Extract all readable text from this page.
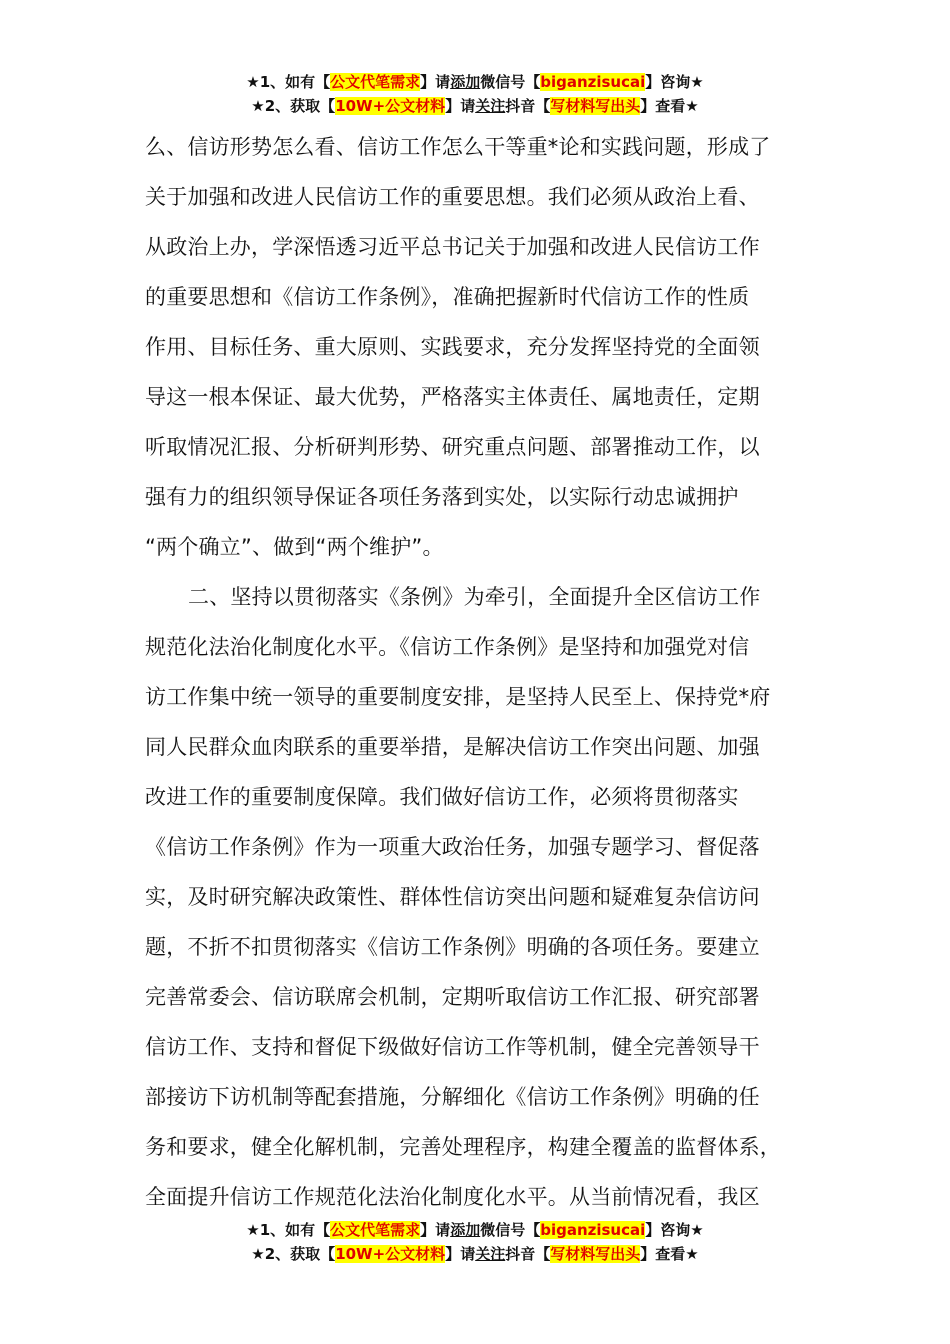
★1、如有【公文代笔需求】请添加微信号【biganzisucai】咨询★
★2、获取【10W+公文材料】请关注抖音【写材料写出头】查看★
么、信访形势怎么看、信访工作怎么干等重*论和实践问题，形成了
关于加强和改进人民信访工作的重要思想。我们必须从政治上看、
从政治上办，学深悟透习近平总书记关于加强和改进人民信访工作
的重要思想和《信访工作条例》，准确把握新时代信访工作的性质
作用、目标任务、重大原则、实践要求，充分发挥坚持党的全面领
导这一根本保证、最大优势，严格落实主体责任、属地责任，定期
听取情况汇报、分析研判形势、研究重点问题、部署推动工作，以
强有力的组织领导保证各项任务落到实处，以实际行动忠诚拥护
“两个确立”、做到“两个维护”。
二、坚持以贯彻落实《条例》为牵引，全面提升全区信访工作
规范化法治化制度化水平。《信访工作条例》是坚持和加强党对信
访工作集中统一领导的重要制度安排，是坚持人民至上、保持党*府
同人民群众血肉联系的重要举措，是解决信访工作突出问题、加强
改进工作的重要制度保障。我们做好信访工作，必须将贯彻落实
《信访工作条例》作为一项重大政治任务，加强专题学习、督促落
实，及时研究解决政策性、群体性信访突出问题和疑难复杂信访问
题，不折不扣贯彻落实《信访工作条例》明确的各项任务。要建立
完善常委会、信访联席会机制，定期听取信访工作汇报、研究部署
信访工作、支持和督促下级做好信访工作等机制，健全完善领导干
部接访下访机制等配套措施，分解细化《信访工作条例》明确的任
务和要求，健全化解机制，完善处理程序，构建全覆盖的监督体系，
全面提升信访工作规范化法治化制度化水平。从当前情况看，我区
★1、如有【公文代笔需求】请添加微信号【biganzisucai】咨询★
★2、获取【10W+公文材料】请关注抖音【写材料写出头】查看★
